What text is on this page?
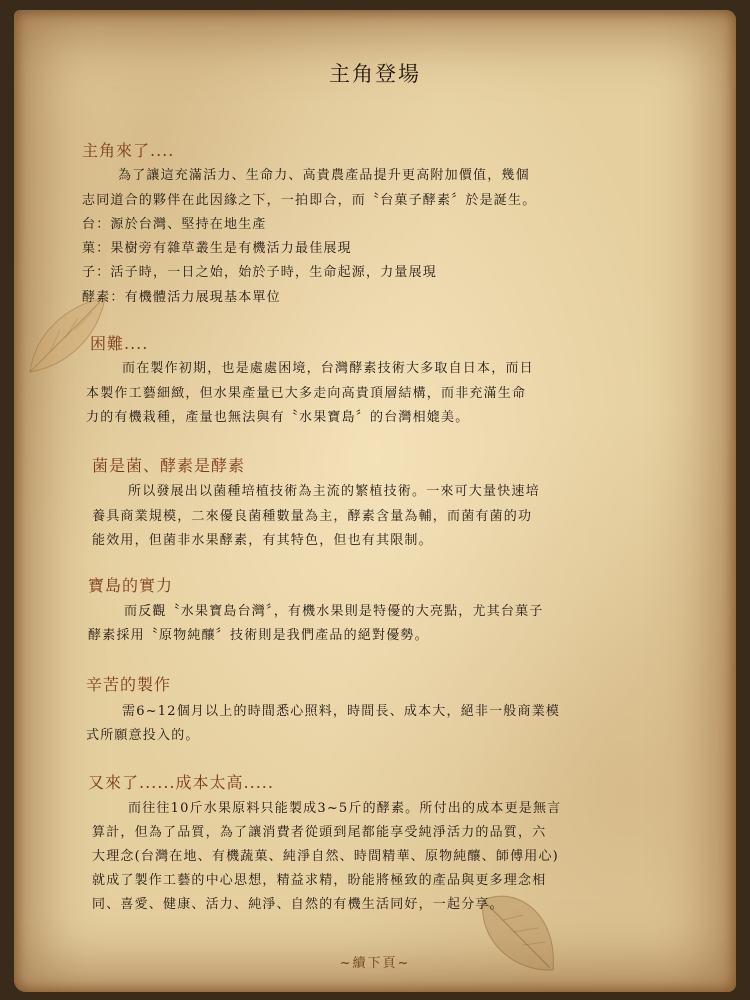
主角登場
主角來了....
為了讓這充滿活力、生命力、高貴農產品提升更高附加價值，幾個
志同道合的夥伴在此因緣之下，一拍即合，而〝台菓子酵素〞於是誕生。
台：源於台灣、堅持在地生產
菓：果樹旁有雜草叢生是有機活力最佳展現
子：活子時，一日之始，始於子時，生命起源，力量展現
酵素：有機體活力展現基本單位
困難....
而在製作初期，也是處處困境，台灣酵素技術大多取自日本，而日
本製作工藝細緻，但水果產量已大多走向高貴頂層結構，而非充滿生命
力的有機栽種，產量也無法與有〝水果寶島〞的台灣相媲美。
菌是菌、酵素是酵素
所以發展出以菌種培植技術為主流的繁植技術。一來可大量快速培
養具商業規模，二來優良菌種數量為主，酵素含量為輔，而菌有菌的功
能效用，但菌非水果酵素，有其特色，但也有其限制。
寶島的實力
而反觀〝水果寶島台灣〞，有機水果則是特優的大亮點，尤其台菓子
酵素採用〝原物純釀〞技術則是我們產品的絕對優勢。
辛苦的製作
需6~12個月以上的時間悉心照料，時間長、成本大，絕非一般商業模
式所願意投入的。
又來了......成本太高.....
而往往10斤水果原料只能製成3~5斤的酵素。所付出的成本更是無言
算計，但為了品質，為了讓消費者從頭到尾都能享受純淨活力的品質，六
大理念(台灣在地、有機蔬菓、純淨自然、時間精華、原物純釀、師傅用心)
就成了製作工藝的中心思想，精益求精，盼能將極致的產品與更多理念相
同、喜愛、健康、活力、純淨、自然的有機生活同好，一起分享。
~續下頁~
